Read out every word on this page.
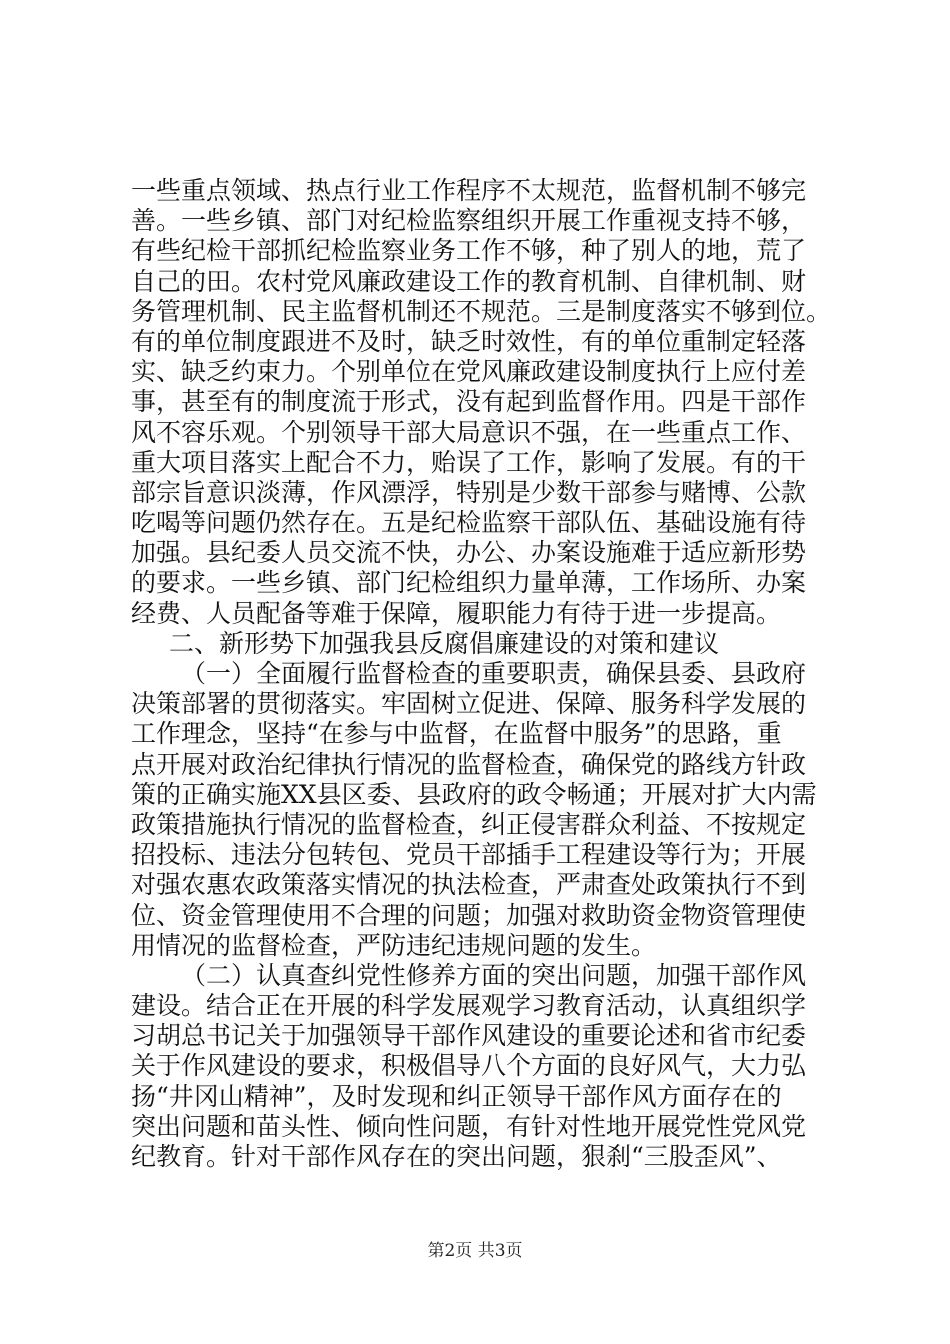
一些重点领域、热点行业工作程序不太规范，监督机制不够完
善。一些乡镇、部门对纪检监察组织开展工作重视支持不够，
有些纪检干部抓纪检监察业务工作不够，种了别人的地，荒了
自己的田。农村党风廉政建设工作的教育机制、自律机制、财
务管理机制、民主监督机制还不规范。三是制度落实不够到位。
有的单位制度跟进不及时，缺乏时效性，有的单位重制定轻落
实、缺乏约束力。个别单位在党风廉政建设制度执行上应付差
事，甚至有的制度流于形式，没有起到监督作用。四是干部作
风不容乐观。个别领导干部大局意识不强，在一些重点工作、
重大项目落实上配合不力，贻误了工作，影响了发展。有的干
部宗旨意识淡薄，作风漂浮，特别是少数干部参与赌博、公款
吃喝等问题仍然存在。五是纪检监察干部队伍、基础设施有待
加强。县纪委人员交流不快，办公、办案设施难于适应新形势
的要求。一些乡镇、部门纪检组织力量单薄，工作场所、办案
经费、人员配备等难于保障，履职能力有待于进一步提高。
二、新形势下加强我县反腐倡廉建设的对策和建议
（一）全面履行监督检查的重要职责，确保县委、县政府
决策部署的贯彻落实。牢固树立促进、保障、服务科学发展的
工作理念，坚持“在参与中监督，在监督中服务”的思路，重
点开展对政治纪律执行情况的监督检查，确保党的路线方针政
策的正确实施XX县区委、县政府的政令畅通；开展对扩大内需
政策措施执行情况的监督检查，纠正侵害群众利益、不按规定
招投标、违法分包转包、党员干部插手工程建设等行为；开展
对强农惠农政策落实情况的执法检查，严肃查处政策执行不到
位、资金管理使用不合理的问题；加强对救助资金物资管理使
用情况的监督检查，严防违纪违规问题的发生。
（二）认真查纠党性修养方面的突出问题，加强干部作风
建设。结合正在开展的科学发展观学习教育活动，认真组织学
习胡总书记关于加强领导干部作风建设的重要论述和省市纪委
关于作风建设的要求，积极倡导八个方面的良好风气，大力弘
扬“井冈山精神”，及时发现和纠正领导干部作风方面存在的
突出问题和苗头性、倾向性问题，有针对性地开展党性党风党
纪教育。针对干部作风存在的突出问题，狠刹“三股歪风”、
第2页 共3页
